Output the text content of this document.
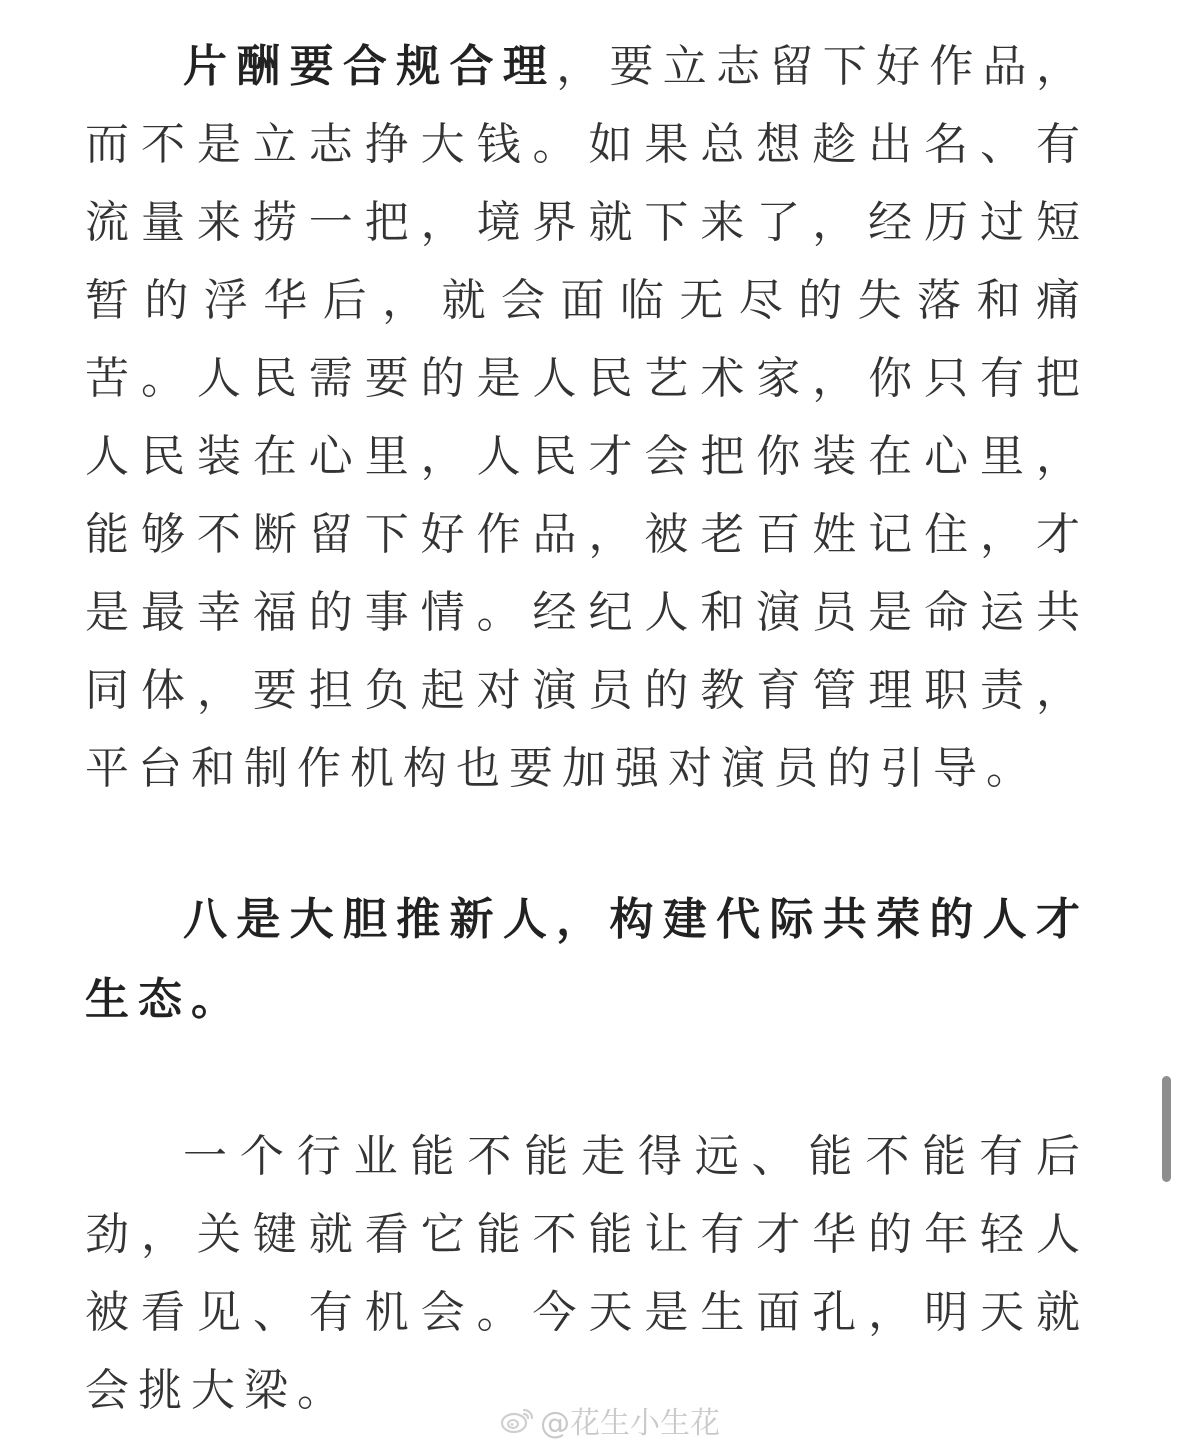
片酬要合规合理，要立志留下好作品，而不是立志挣大钱。如果总想趁出名、有流量来捞一把，境界就下来了，经历过短暂的浮华后，就会面临无尽的失落和痛苦。人民需要的是人民艺术家，你只有把人民装在心里，人民才会把你装在心里，能够不断留下好作品，被老百姓记住，才是最幸福的事情。经纪人和演员是命运共同体，要担负起对演员的教育管理职责，平台和制作机构也要加强对演员的引导。

八是大胆推新人，构建代际共荣的人才生态。

一个行业能不能走得远、能不能有后劲，关键就看它能不能让有才华的年轻人被看见、有机会。今天是生面孔，明天就会挑大梁。

@花生小生花
